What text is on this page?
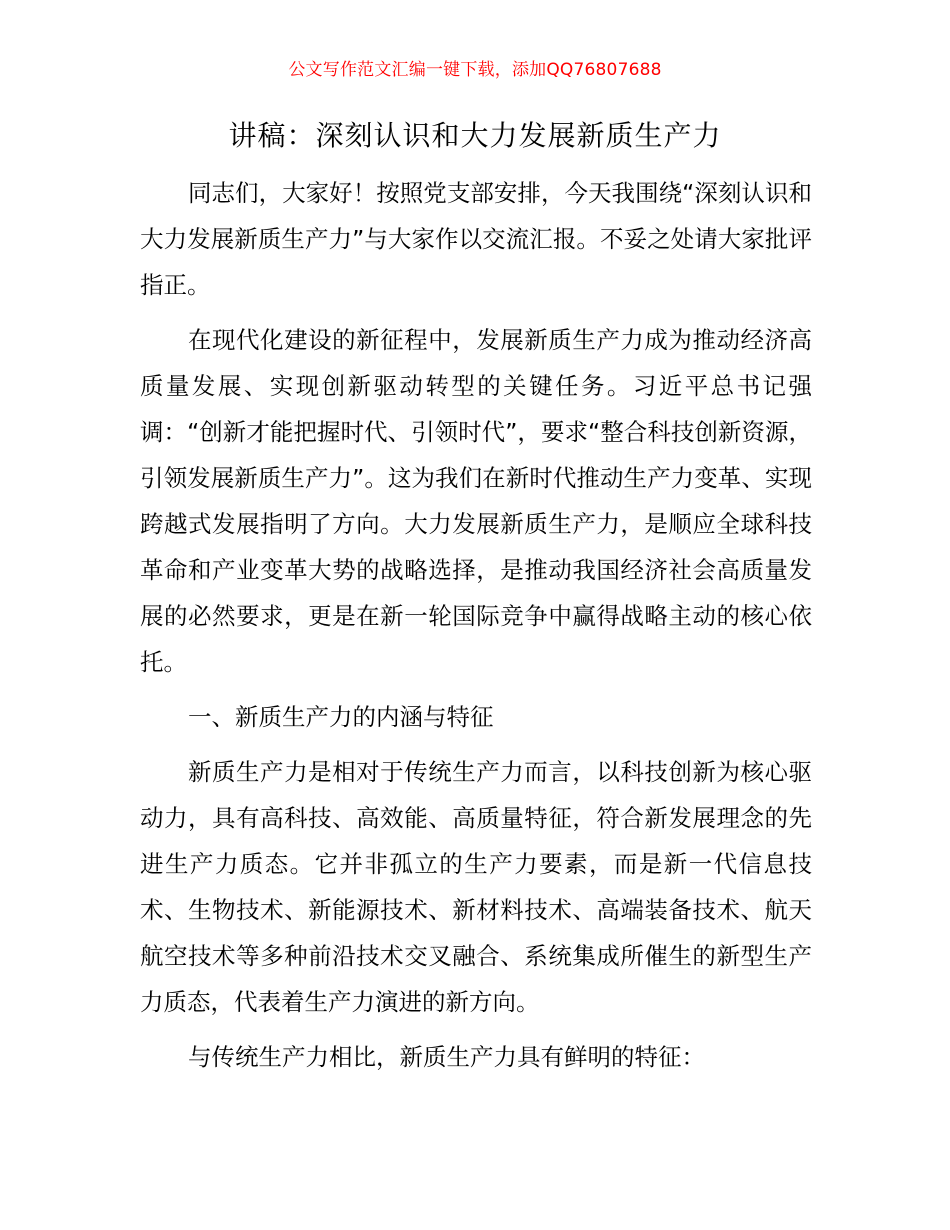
公文写作范文汇编一键下载，添加QQ76807688
讲稿：深刻认识和大力发展新质生产力

同志们，大家好！按照党支部安排，今天我围绕“深刻认识和大力发展新质生产力”与大家作以交流汇报。不妥之处请大家批评指正。

在现代化建设的新征程中，发展新质生产力成为推动经济高质量发展、实现创新驱动转型的关键任务。习近平总书记强调：“创新才能把握时代、引领时代”，要求“整合科技创新资源，引领发展新质生产力”。这为我们在新时代推动生产力变革、实现跨越式发展指明了方向。大力发展新质生产力，是顺应全球科技革命和产业变革大势的战略选择，是推动我国经济社会高质量发展的必然要求，更是在新一轮国际竞争中赢得战略主动的核心依托。

一、新质生产力的内涵与特征

新质生产力是相对于传统生产力而言，以科技创新为核心驱动力，具有高科技、高效能、高质量特征，符合新发展理念的先进生产力质态。它并非孤立的生产力要素，而是新一代信息技术、生物技术、新能源技术、新材料技术、高端装备技术、航天航空技术等多种前沿技术交叉融合、系统集成所催生的新型生产力质态，代表着生产力演进的新方向。

与传统生产力相比，新质生产力具有鲜明的特征：
